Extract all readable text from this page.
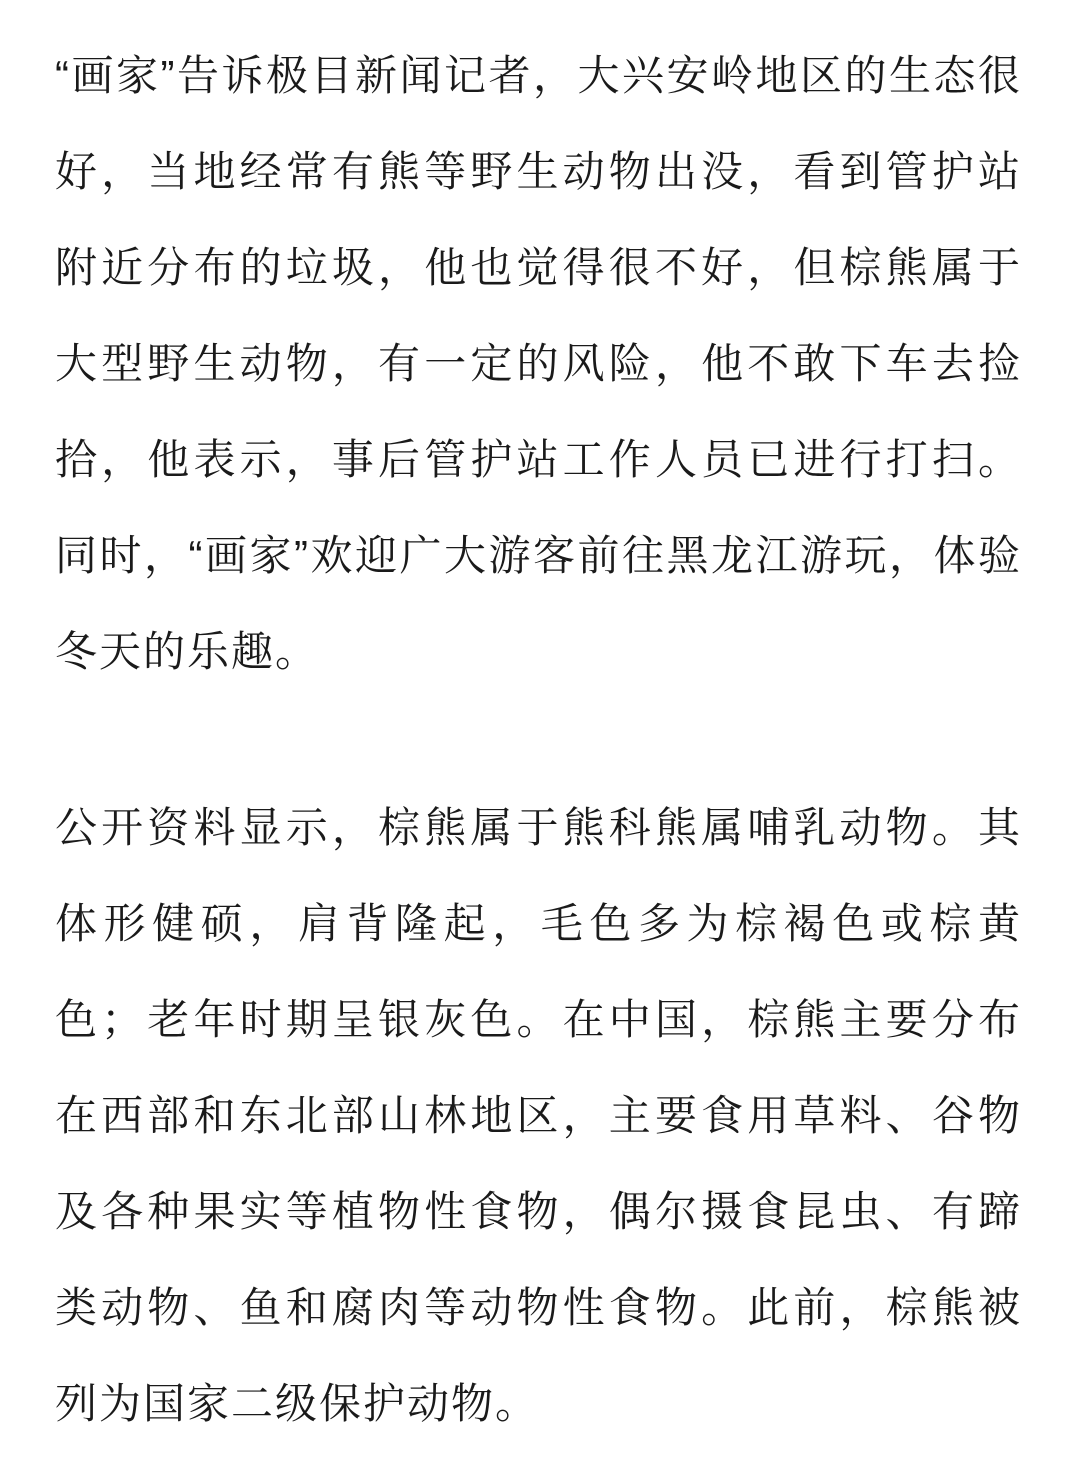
“画家”告诉极目新闻记者，大兴安岭地区的生态很好，当地经常有熊等野生动物出没，看到管护站附近分布的垃圾，他也觉得很不好，但棕熊属于大型野生动物，有一定的风险，他不敢下车去捡拾，他表示，事后管护站工作人员已进行打扫。同时，“画家”欢迎广大游客前往黑龙江游玩，体验冬天的乐趣。

公开资料显示，棕熊属于熊科熊属哺乳动物。其体形健硕，肩背隆起，毛色多为棕褐色或棕黄色；老年时期呈银灰色。在中国，棕熊主要分布在西部和东北部山林地区，主要食用草料、谷物及各种果实等植物性食物，偶尔摄食昆虫、有蹄类动物、鱼和腐肉等动物性食物。此前，棕熊被列为国家二级保护动物。
